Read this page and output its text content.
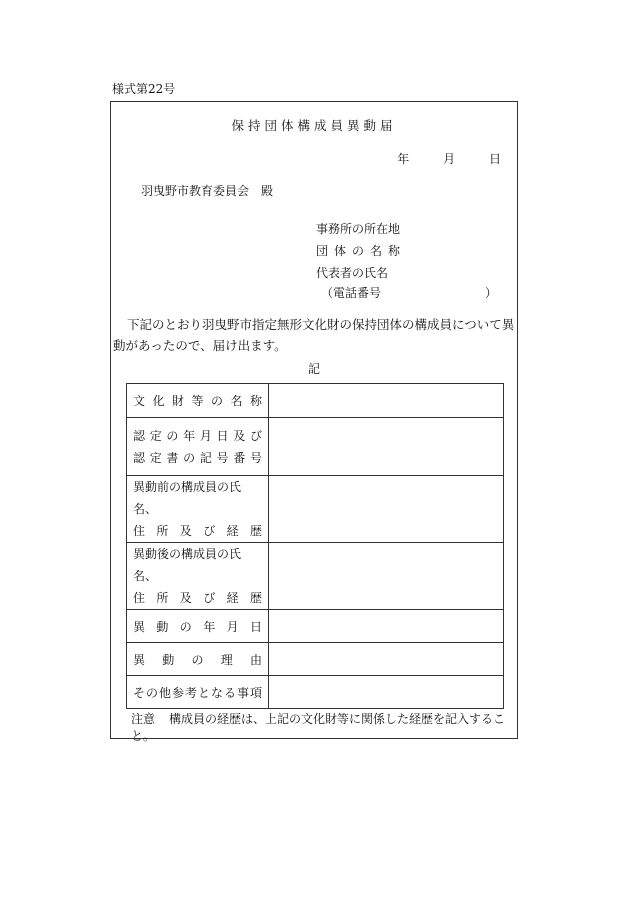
様式第22号
保持団体構成員異動届
年	月	日
羽曳野市教育委員会 殿
事務所の所在地
団体の名称
代表者の氏名
（電話番号	）
下記のとおり羽曳野市指定無形文化財の保持団体の構成員について異動があったので、届け出ます。
記
文化財等の名称	

認定の年月日及び
認定書の記号番号	

異動前の構成員の氏名、
住所及び経歴	

異動後の構成員の氏名、
住所及び経歴	

異動の年月日	

異動の理由	

その他参考となる事項	

注意 構成員の経歴は、上記の文化財等に関係した経歴を記入すること。
